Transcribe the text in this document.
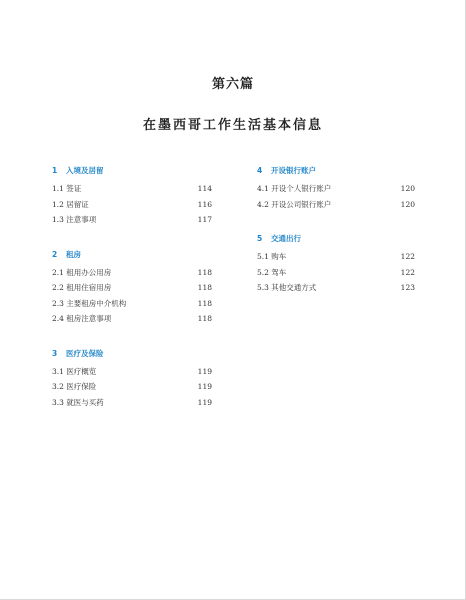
第六篇
在墨西哥工作生活基本信息
1 入境及居留
1.1 签证	114
1.2 居留证	116
1.3 注意事项	117
2 租房
2.1 租用办公用房	118
2.2 租用住宿用房	118
2.3 主要租房中介机构	118
2.4 租房注意事项	118
3 医疗及保险
3.1 医疗概览	119
3.2 医疗保险	119
3.3 就医与买药	119
4 开设银行账户
4.1 开设个人银行账户	120
4.2 开设公司银行账户	120
5 交通出行
5.1 购车	122
5.2 驾车	122
5.3 其他交通方式	123
